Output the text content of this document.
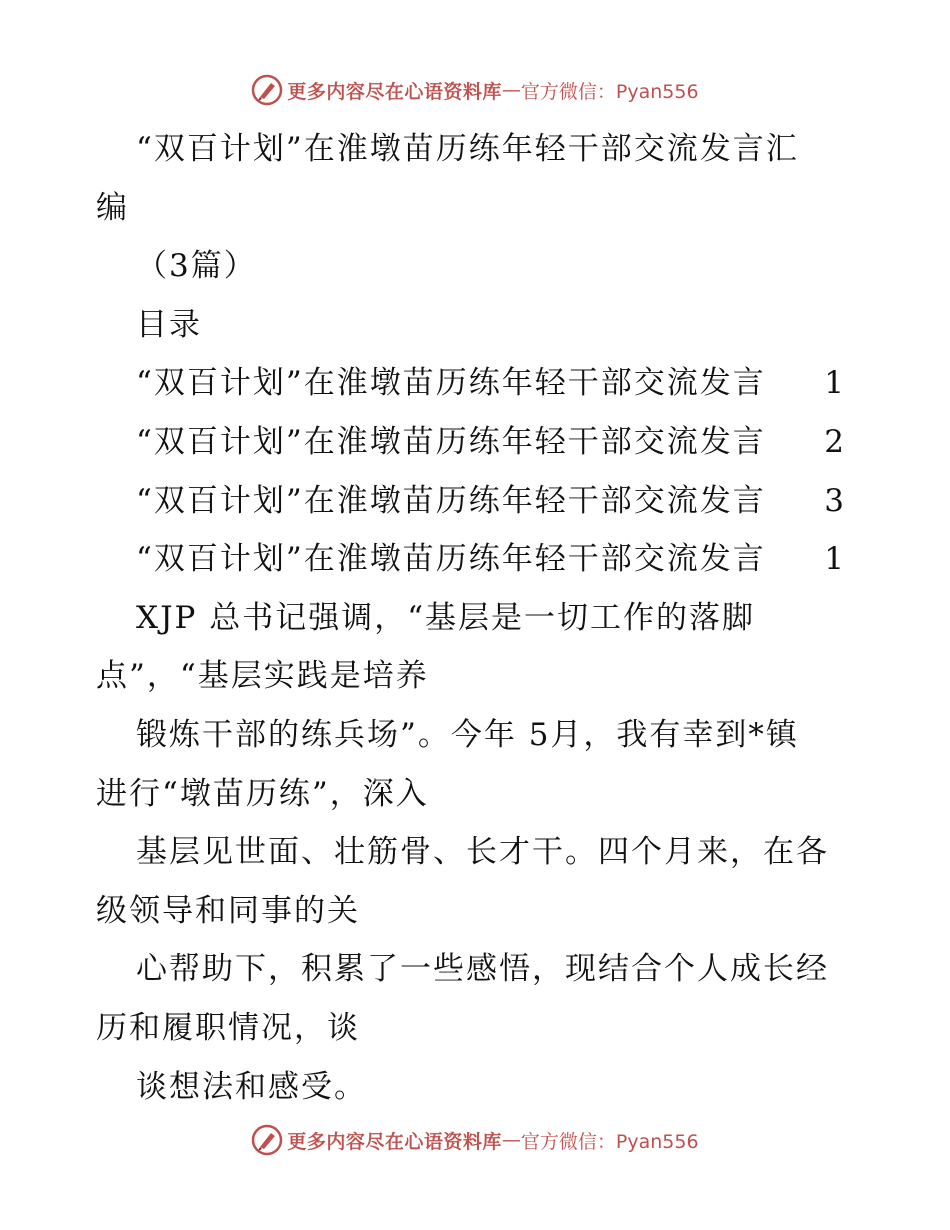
更多内容尽在心语资料库 — 官方微信：Pyan556
“双百计划”在淮墩苗历练年轻干部交流发言汇
编
（3篇）
目录
“双百计划”在淮墩苗历练年轻干部交流发言 1
“双百计划”在淮墩苗历练年轻干部交流发言 2
“双百计划”在淮墩苗历练年轻干部交流发言 3
“双百计划”在淮墩苗历练年轻干部交流发言 1
XJP 总书记强调，“基层是一切工作的落脚
点”，“基层实践是培养
锻炼干部的练兵场”。今年 5月，我有幸到*镇
进行“墩苗历练”，深入
基层见世面、壮筋骨、长才干。四个月来，在各
级领导和同事的关
心帮助下，积累了一些感悟，现结合个人成长经
历和履职情况，谈
谈想法和感受。
更多内容尽在心语资料库 — 官方微信：Pyan556
